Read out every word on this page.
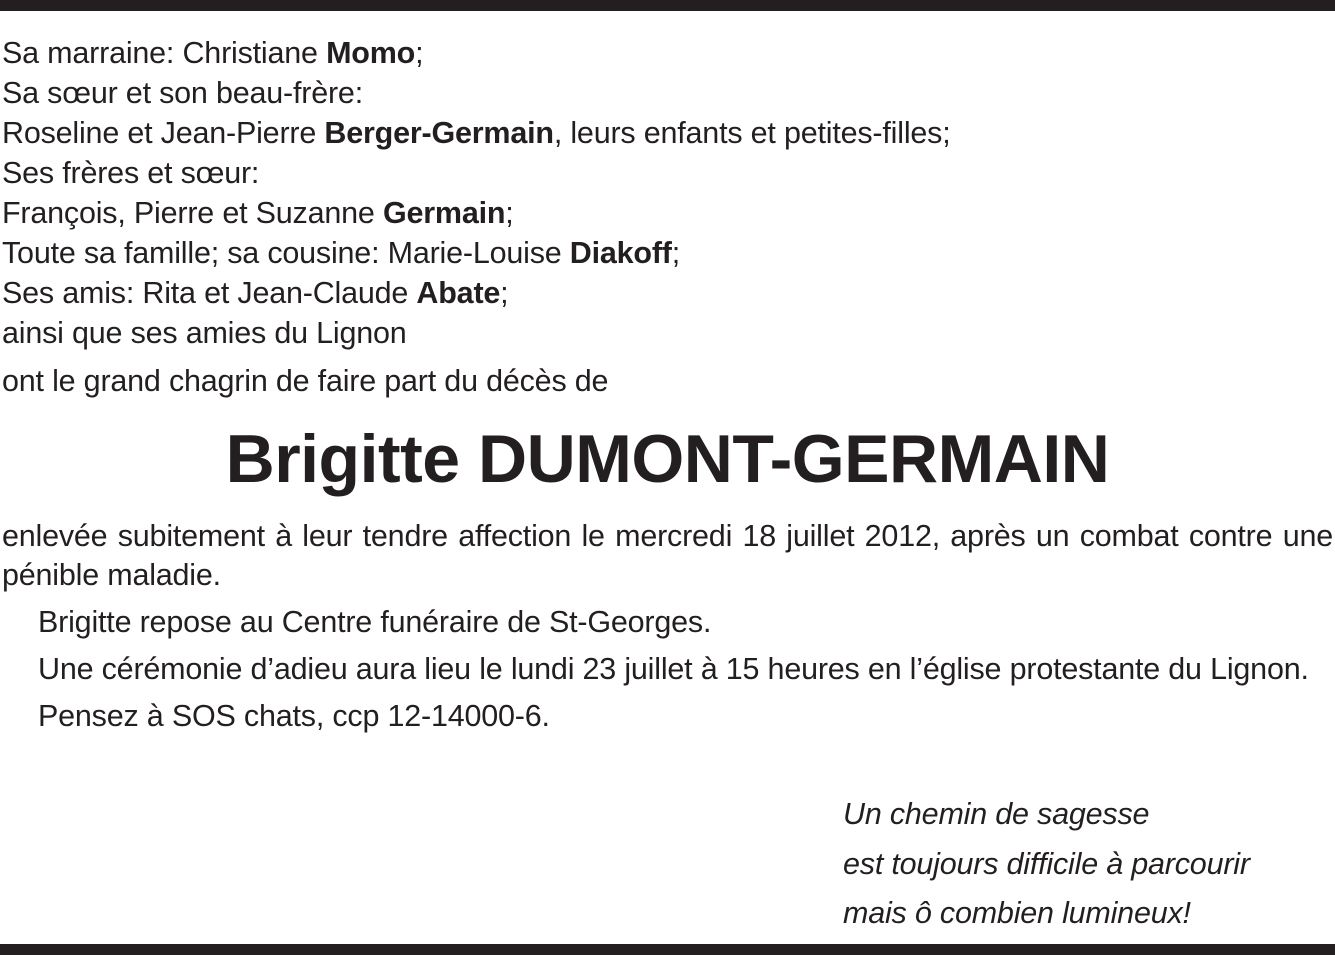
Sa marraine: Christiane Momo;
Sa sœur et son beau-frère:
Roseline et Jean-Pierre Berger-Germain, leurs enfants et petites-filles;
Ses frères et sœur:
François, Pierre et Suzanne Germain;
Toute sa famille; sa cousine: Marie-Louise Diakoff;
Ses amis: Rita et Jean-Claude Abate;
ainsi que ses amies du Lignon
ont le grand chagrin de faire part du décès de
Brigitte DUMONT-GERMAIN

enlevée subitement à leur tendre affection le mercredi 18 juillet 2012, après un combat contre une pénible maladie.

Brigitte repose au Centre funéraire de St-Georges.

Une cérémonie d’adieu aura lieu le lundi 23 juillet à 15 heures en l’église protestante du Lignon.

Pensez à SOS chats, ccp 12-14000-6.

Un chemin de sagesse
est toujours difficile à parcourir
mais ô combien lumineux!
